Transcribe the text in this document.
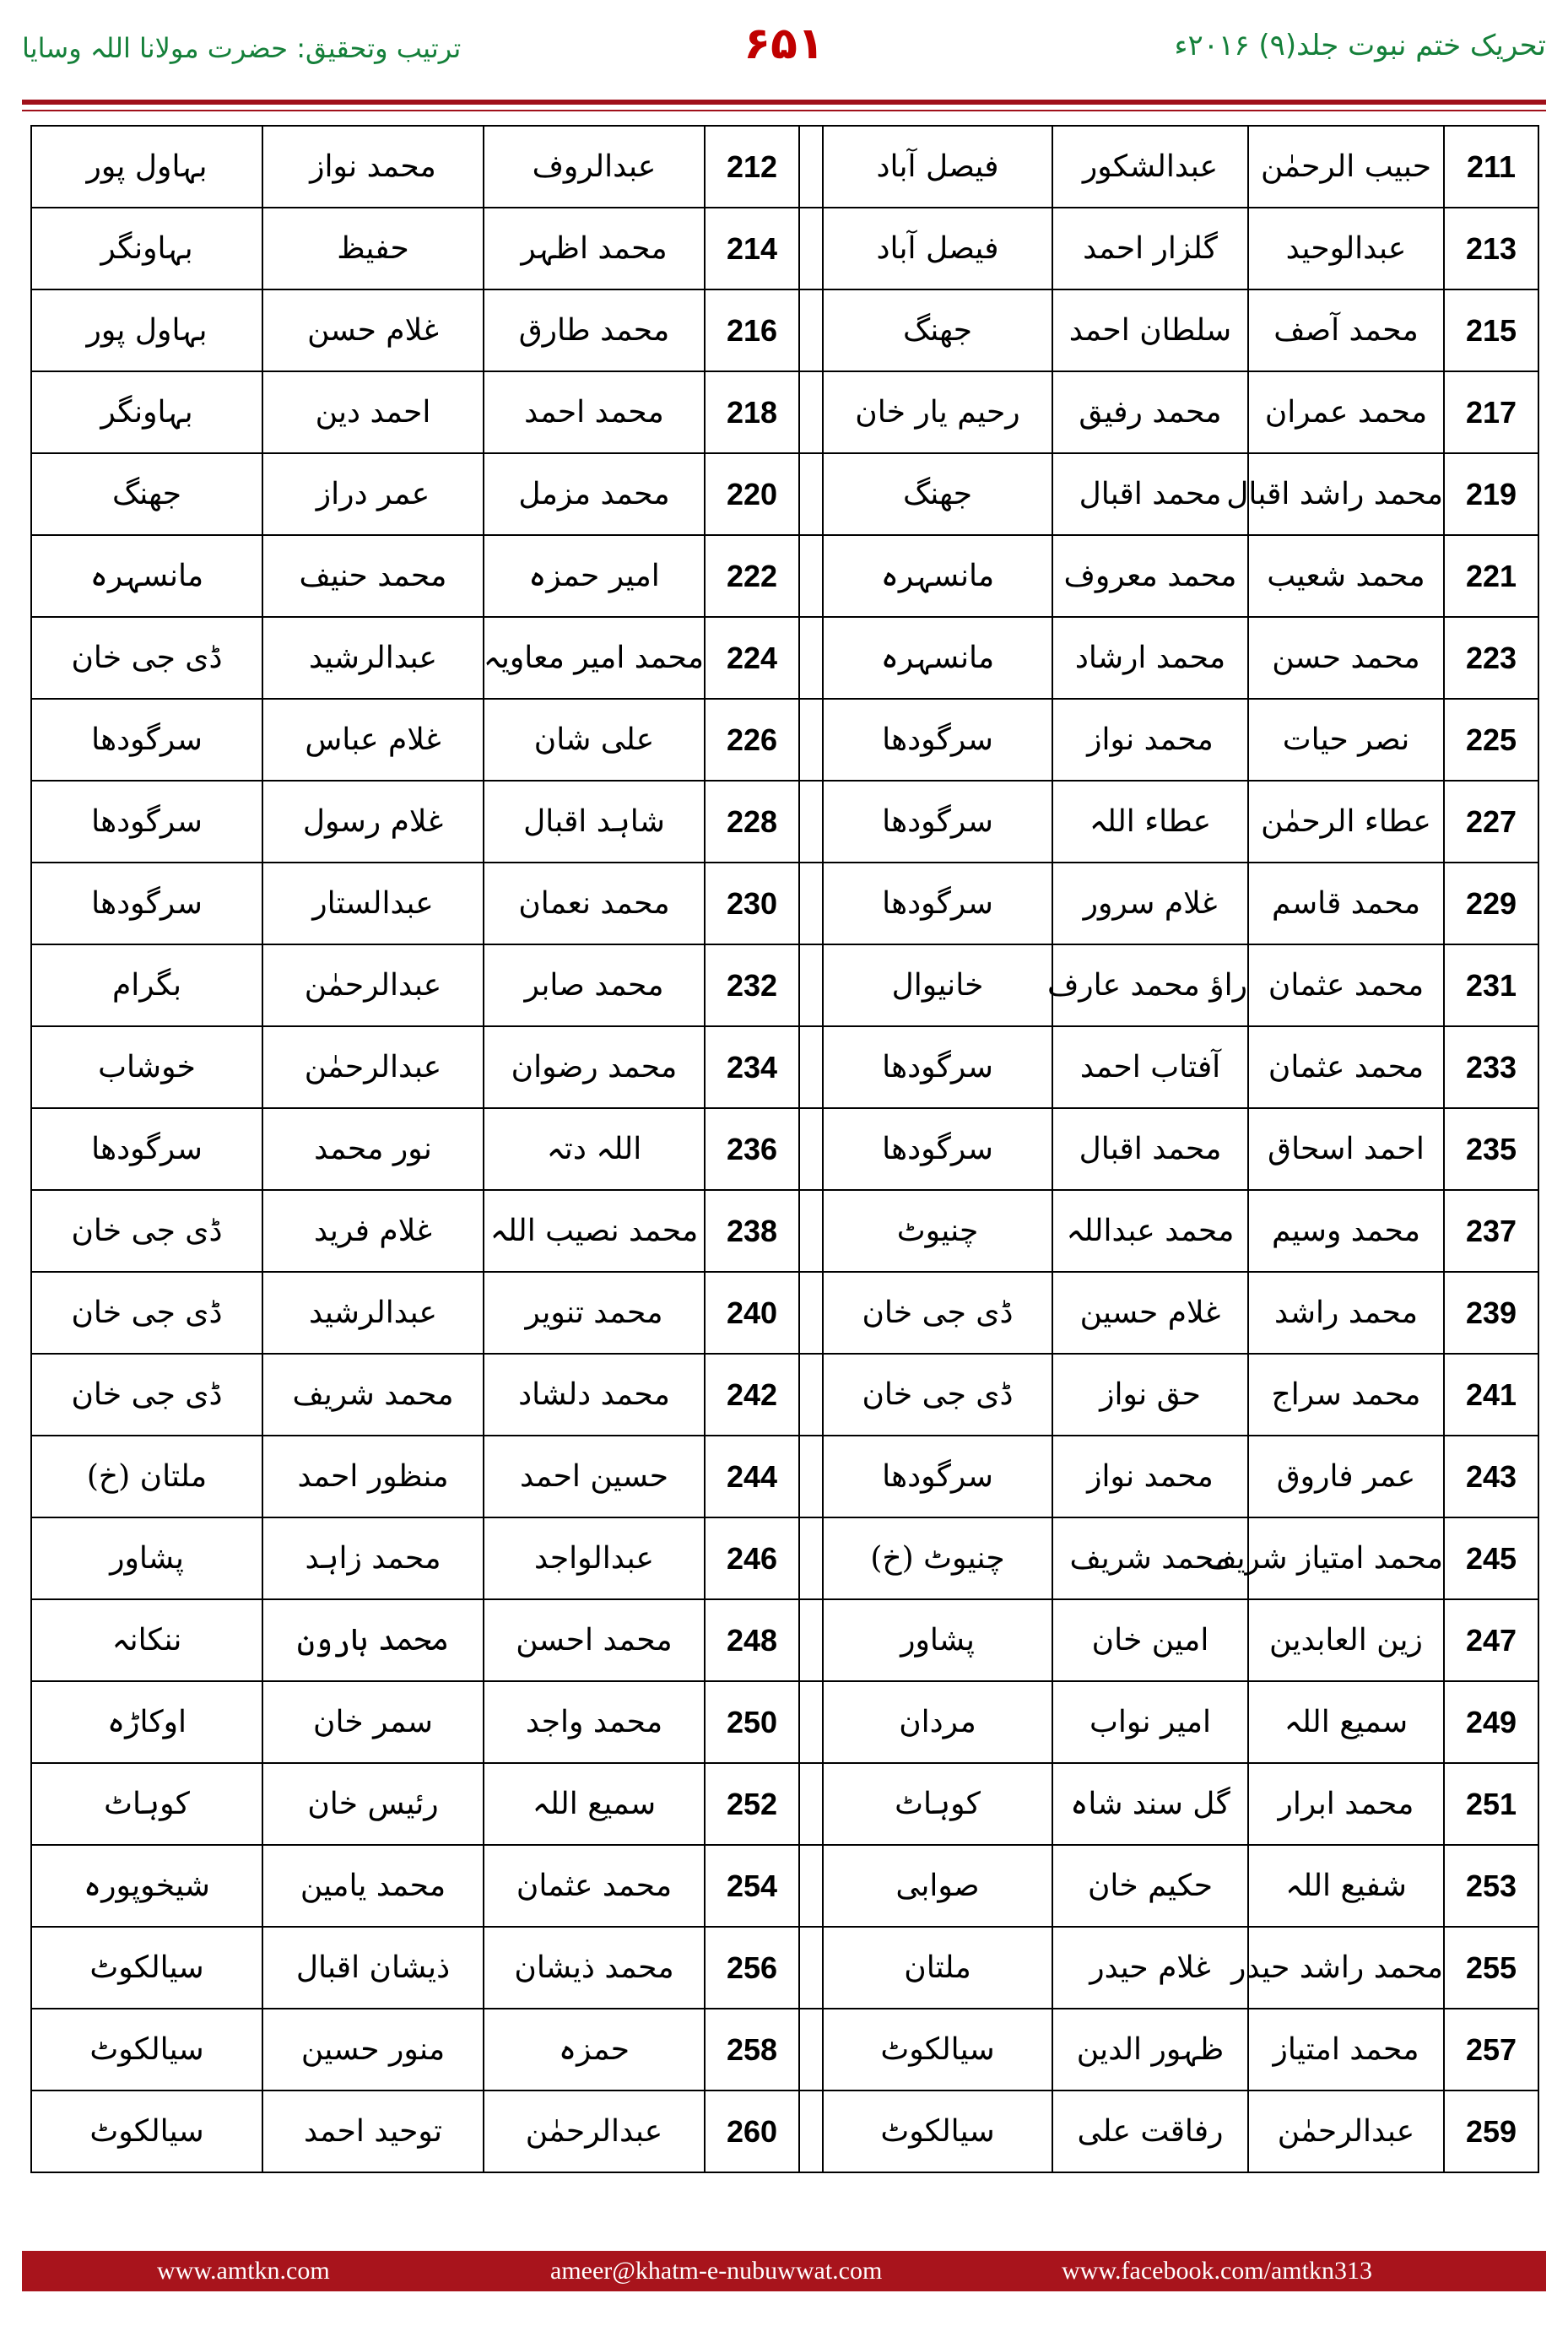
تحریک ختم نبوت جلد(۹) ۲۰۱۶ء
۶۵۱
ترتیب وتحقیق: حضرت مولانا اللہ وسایا
211	حبیب الرحمٰن	عبدالشکور	فیصل آباد		212	عبدالروف	محمد نواز	بہاول پور
213	عبدالوحید	گلزار احمد	فیصل آباد		214	محمد اظہر	حفیظ	بہاونگر
215	محمد آصف	سلطان احمد	جھنگ		216	محمد طارق	غلام حسن	بہاول پور
217	محمد عمران	محمد رفیق	رحیم یار خان		218	محمد احمد	احمد دین	بہاونگر
219	محمد راشد اقبال	محمد اقبال	جھنگ		220	محمد مزمل	عمر دراز	جھنگ
221	محمد شعیب	محمد معروف	مانسہرہ		222	امیر حمزہ	محمد حنیف	مانسہرہ
223	محمد حسن	محمد ارشاد	مانسہرہ		224	محمد امیر معاویہ	عبدالرشید	ڈی جی خان
225	نصر حیات	محمد نواز	سرگودھا		226	علی شان	غلام عباس	سرگودھا
227	عطاء الرحمٰن	عطاء اللہ	سرگودھا		228	شاہد اقبال	غلام رسول	سرگودھا
229	محمد قاسم	غلام سرور	سرگودھا		230	محمد نعمان	عبدالستار	سرگودھا
231	محمد عثمان	راؤ محمد عارف	خانیوال		232	محمد صابر	عبدالرحمٰن	بگرام
233	محمد عثمان	آفتاب احمد	سرگودھا		234	محمد رضوان	عبدالرحمٰن	خوشاب
235	احمد اسحاق	محمد اقبال	سرگودھا		236	اللہ دتہ	نور محمد	سرگودھا
237	محمد وسیم	محمد عبداللہ	چنیوٹ		238	محمد نصیب اللہ	غلام فرید	ڈی جی خان
239	محمد راشد	غلام حسین	ڈی جی خان		240	محمد تنویر	عبدالرشید	ڈی جی خان
241	محمد سراج	حق نواز	ڈی جی خان		242	محمد دلشاد	محمد شریف	ڈی جی خان
243	عمر فاروق	محمد نواز	سرگودھا		244	حسین احمد	منظور احمد	ملتان (خ)
245	محمد امتیاز شریف	محمد شریف	چنیوٹ (خ)		246	عبدالواجد	محمد زاہد	پشاور
247	زین العابدین	امین خان	پشاور		248	محمد احسن	محمد ہارون	ننکانہ
249	سمیع اللہ	امیر نواب	مردان		250	محمد واجد	سمر خان	اوکاڑہ
251	محمد ابرار	گل سند شاہ	کوہاٹ		252	سمیع اللہ	رئیس خان	کوہاٹ
253	شفیع اللہ	حکیم خان	صوابی		254	محمد عثمان	محمد یامین	شیخوپورہ
255	محمد راشد حیدر	غلام حیدر	ملتان		256	محمد ذیشان	ذیشان اقبال	سیالکوٹ
257	محمد امتیاز	ظہور الدین	سیالکوٹ		258	حمزہ	منور حسین	سیالکوٹ
259	عبدالرحمٰن	رفاقت علی	سیالکوٹ		260	عبدالرحمٰن	توحید احمد	سیالکوٹ
www.amtkn.com	ameer@khatm-e-nubuwwat.com	www.facebook.com/amtkn313
